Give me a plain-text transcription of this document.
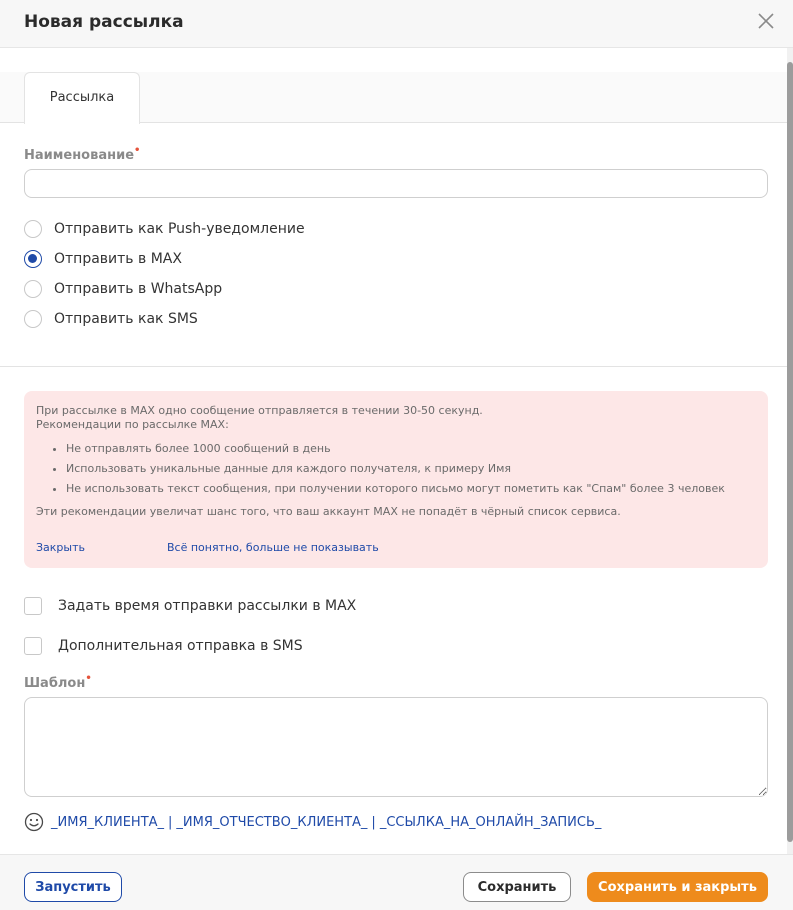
Новая рассылка
Рассылка
Наименование•
Отправить как Push-уведомление
Отправить в MAX
Отправить в WhatsApp
Отправить как SMS
При рассылке в MAX одно сообщение отправляется в течении 30-50 секунд.
Рекомендации по рассылке MAX:
• Не отправлять более 1000 сообщений в день
• Использовать уникальные данные для каждого получателя, к примеру Имя
• Не использовать текст сообщения, при получении которого письмо могут пометить как "Спам" более 3 человек
Эти рекомендации увеличат шанс того, что ваш аккаунт MAX не попадёт в чёрный список сервиса.
Закрыть	Всё понятно, больше не показывать
Задать время отправки рассылки в MAX
Дополнительная отправка в SMS
Шаблон•
_ИМЯ_КЛИЕНТА_ | _ИМЯ_ОТЧЕСТВО_КЛИЕНТА_ | _ССЫЛКА_НА_ОНЛАЙН_ЗАПИСЬ_
Запустить	Сохранить	Сохранить и закрыть
